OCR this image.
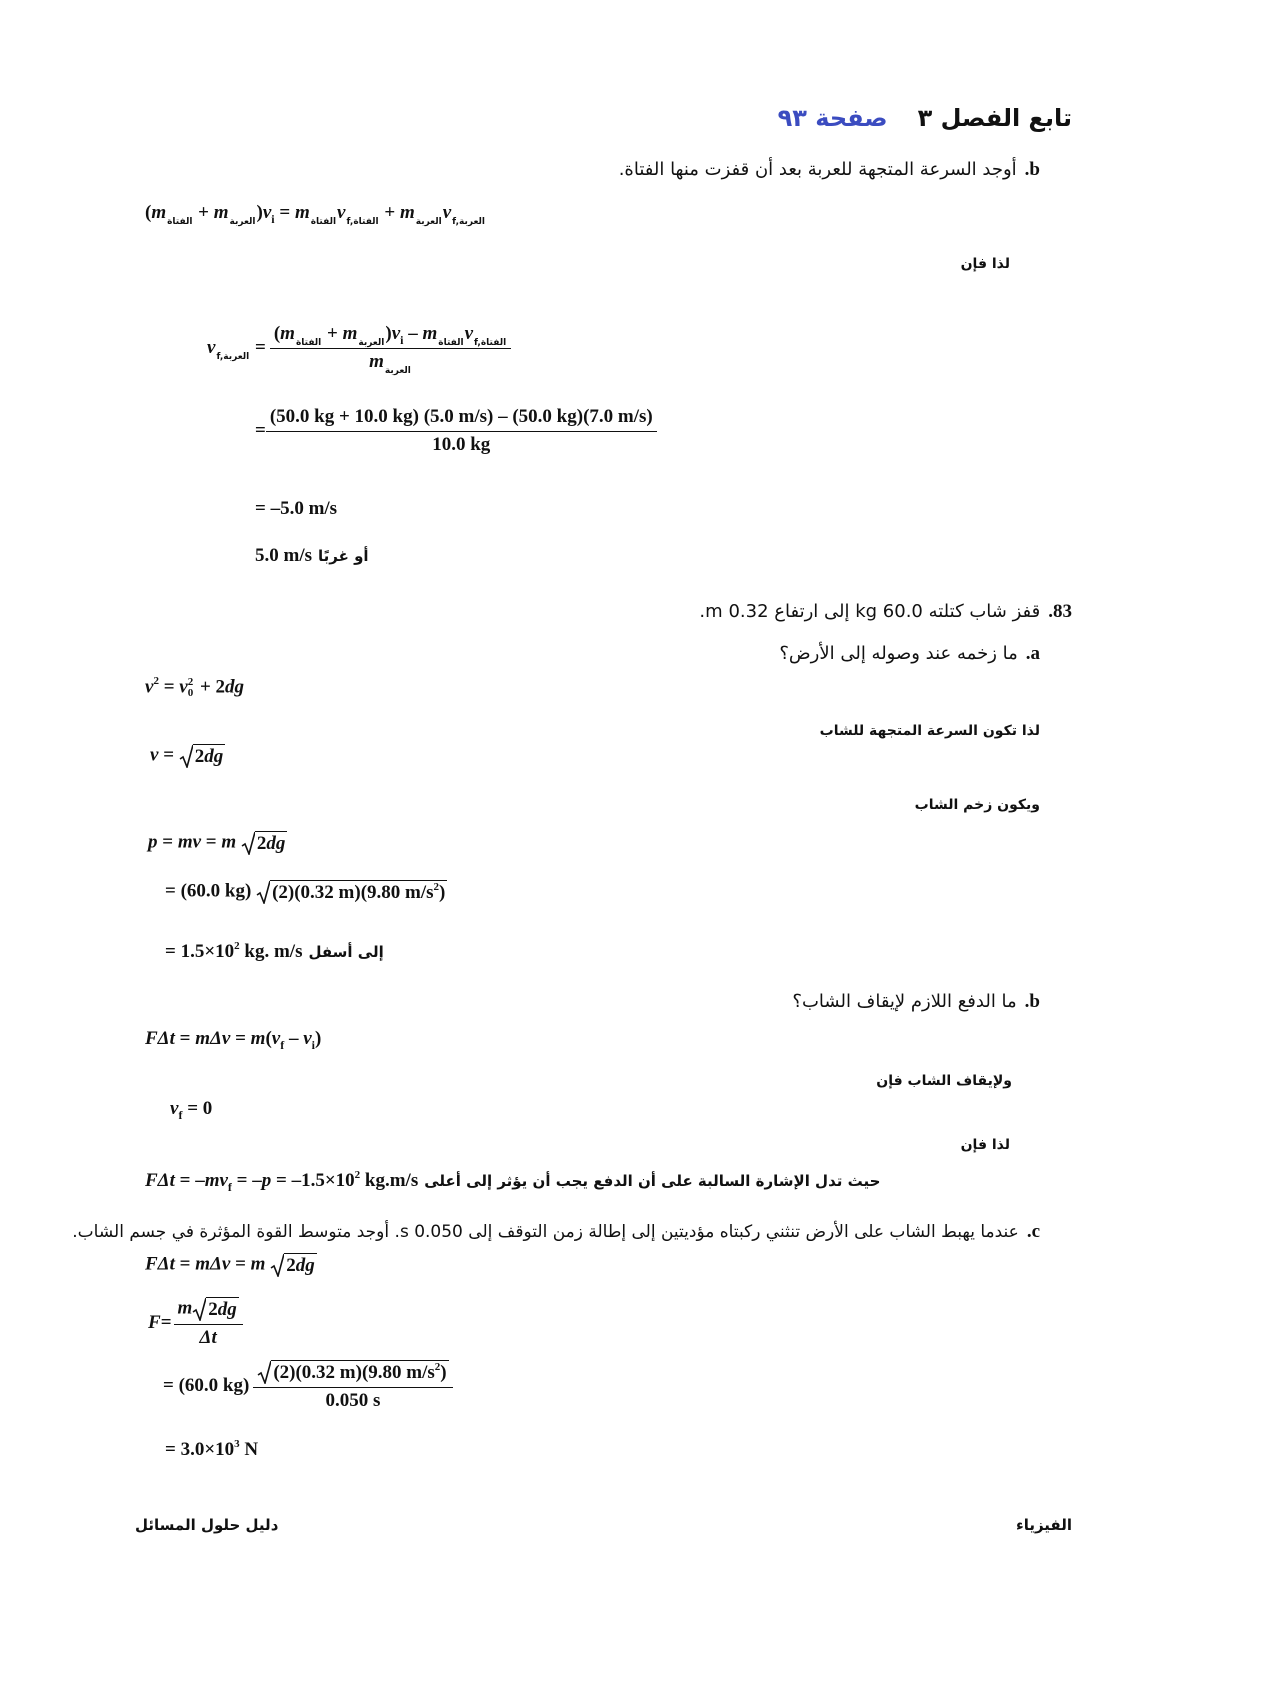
تابع الفصل ٣
صفحة ٩٣
b.أوجد السرعة المتجهة للعربة بعد أن قفزت منها الفتاة.
$(m_{الفتاة} + m_{العربة})v_i = m_{الفتاة}v_{f,الفتاة} + m_{العربة}v_{f,العربة}$
لذا فإن
$v_{f,العربة} = \frac{(m_{الفتاة} + m_{العربة})v_i - m_{الفتاة}v_{f,الفتاة}}{m_{العربة}}$
= $\frac{(50.0 kg + 10.0 kg) (5.0 m/s) - (50.0 kg)(7.0 m/s)}{10.0 kg}$
= –5.0 m/s
5.0 m/s أو غربًا
83.قفز شاب كتلته 60.0 kg إلى ارتفاع 0.32 m.
a.ما زخمه عند وصوله إلى الأرض؟
$v^2 = v$ 2
0 + 2dg
لذا تكون السرعة المتجهة للشاب
v = 2dg
ويكون زخم الشاب
p = mv = m 2dg
= (60.0 kg) (2)(0.32 m)(9.80 $m/s^2$)
= $1.5\times 10^2$ kg. m/s إلى أسفل
b.ما الدفع اللازم لإيقاف الشاب؟
$F\Delta t = m\Delta v = m(v_f - v_i)$
ولإيقاف الشاب فإن
$v_f = 0$
لذا فإن
$F\Delta t = -mv_f = -p = -1.5\times 10^2$ kg.m/s حيث تدل الإشارة السالبة على أن الدفع يجب أن يؤثر إلى أعلى
c.عندما يهبط الشاب على الأرض تنثني ركبتاه مؤديتين إلى إطالة زمن التوقف إلى 0.050 s. أوجد متوسط القوة المؤثرة في جسم الشاب.
FΔt = mΔv = m 2dg
$F = \frac{m 2dg}{\Delta t}$
= (60.0 $kg) \frac{(2)(0.32 m)(9.80 m/s^2)}{0.050 s}$
= $3.0\times 10^3$ N
دليل حلول المسائل	الفيزياء
